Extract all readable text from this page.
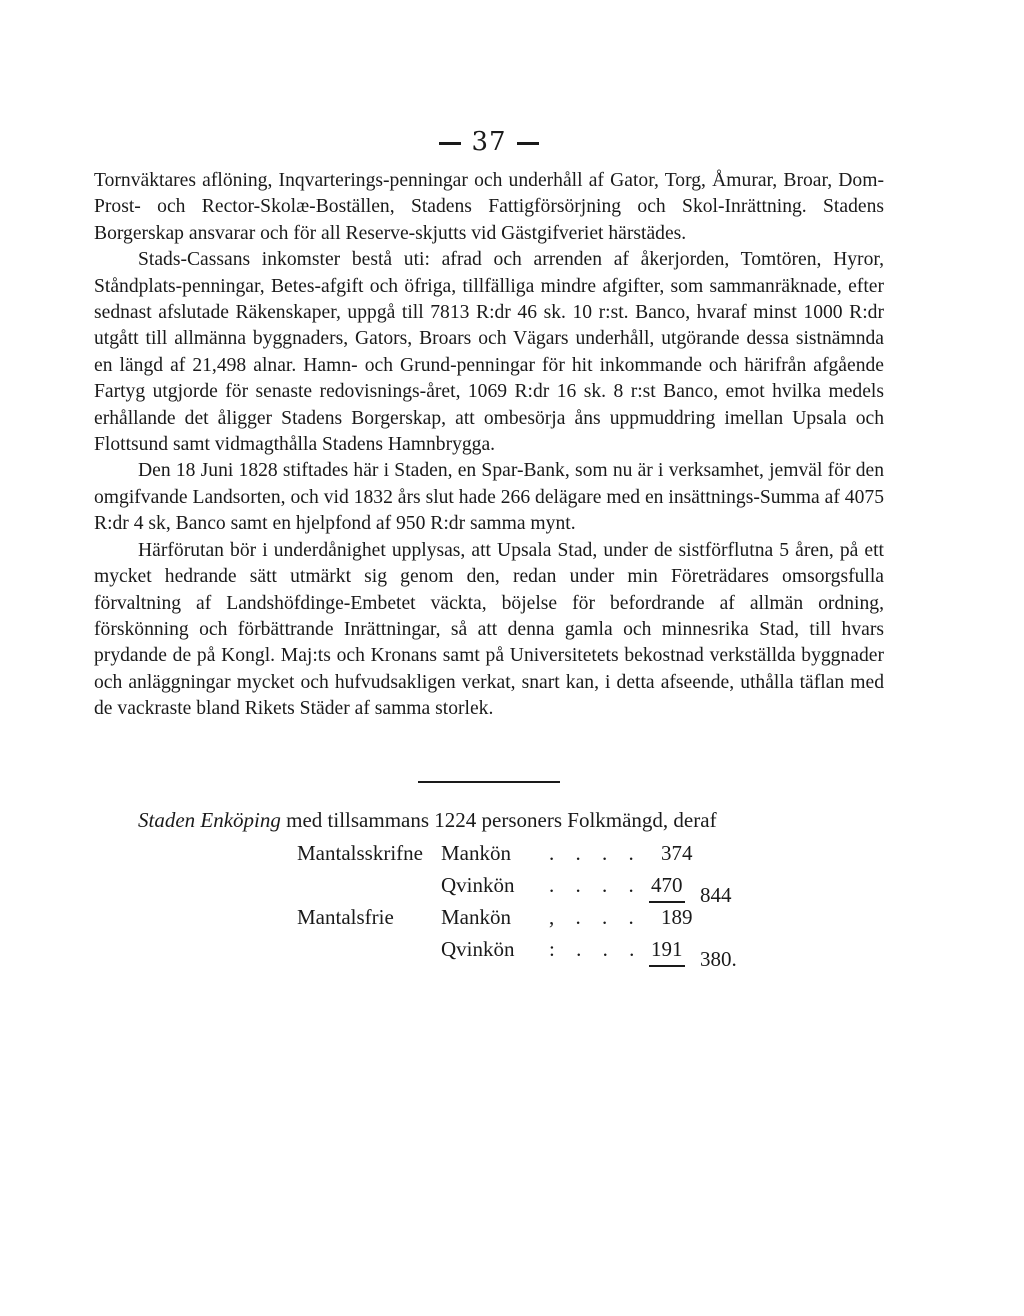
37

Tornväktares aflöning, Inqvarterings-penningar och underhåll af Gator, Torg, Åmurar, Broar, Dom-Prost- och Rector-Skolæ-Boställen, Stadens Fattigförsörjning och Skol-Inrättning. Stadens Borgerskap ansvarar och för all Reserve-skjutts vid Gästgifveriet härstädes.

Stads-Cassans inkomster bestå uti: afrad och arrenden af åkerjorden, Tomtören, Hyror, Ståndplats-penningar, Betes-afgift och öfriga, tillfälliga mindre afgifter, som sammanräknade, efter sednast afslutade Räkenskaper, uppgå till 7813 R:dr 46 sk. 10 r:st. Banco, hvaraf minst 1000 R:dr utgått till allmänna byggnaders, Gators, Broars och Vägars underhåll, utgörande dessa sistnämnda en längd af 21,498 alnar. Hamn- och Grund-penningar för hit inkommande och härifrån afgående Fartyg utgjorde för senaste redovisnings-året, 1069 R:dr 16 sk. 8 r:st Banco, emot hvilka medels erhållande det åligger Stadens Borgerskap, att ombesörja åns uppmuddring imellan Upsala och Flottsund samt vidmagthålla Stadens Hamnbrygga.

Den 18 Juni 1828 stiftades här i Staden, en Spar-Bank, som nu är i verksamhet, jemväl för den omgifvande Landsorten, och vid 1832 års slut hade 266 delägare med en insättnings-Summa af 4075 R:dr 4 sk, Banco samt en hjelpfond af 950 R:dr samma mynt.

Härförutan bör i underdånighet upplysas, att Upsala Stad, under de sistförflutna 5 åren, på ett mycket hedrande sätt utmärkt sig genom den, redan under min Företrädares omsorgsfulla förvaltning af Landshöfdinge-Embetet väckta, böjelse för befordrande af allmän ordning, förskönning och förbättrande Inrättningar, så att denna gamla och minnesrika Stad, till hvars prydande de på Kongl. Maj:ts och Kronans samt på Universitetets bekostnad verkställda byggnader och anläggningar mycket och hufvudsakligen verkat, snart kan, i detta afseende, uthålla täflan med de vackraste bland Rikets Städer af samma storlek.

Staden Enköping med tillsammans 1224 personers Folkmängd, deraf

Mantalsskrifne Mankön . . . . 374
Qvinkön . . . . 470 844
Mantalsfrie Mankön , . . . 189
Qvinkön : . . . 191 380.
